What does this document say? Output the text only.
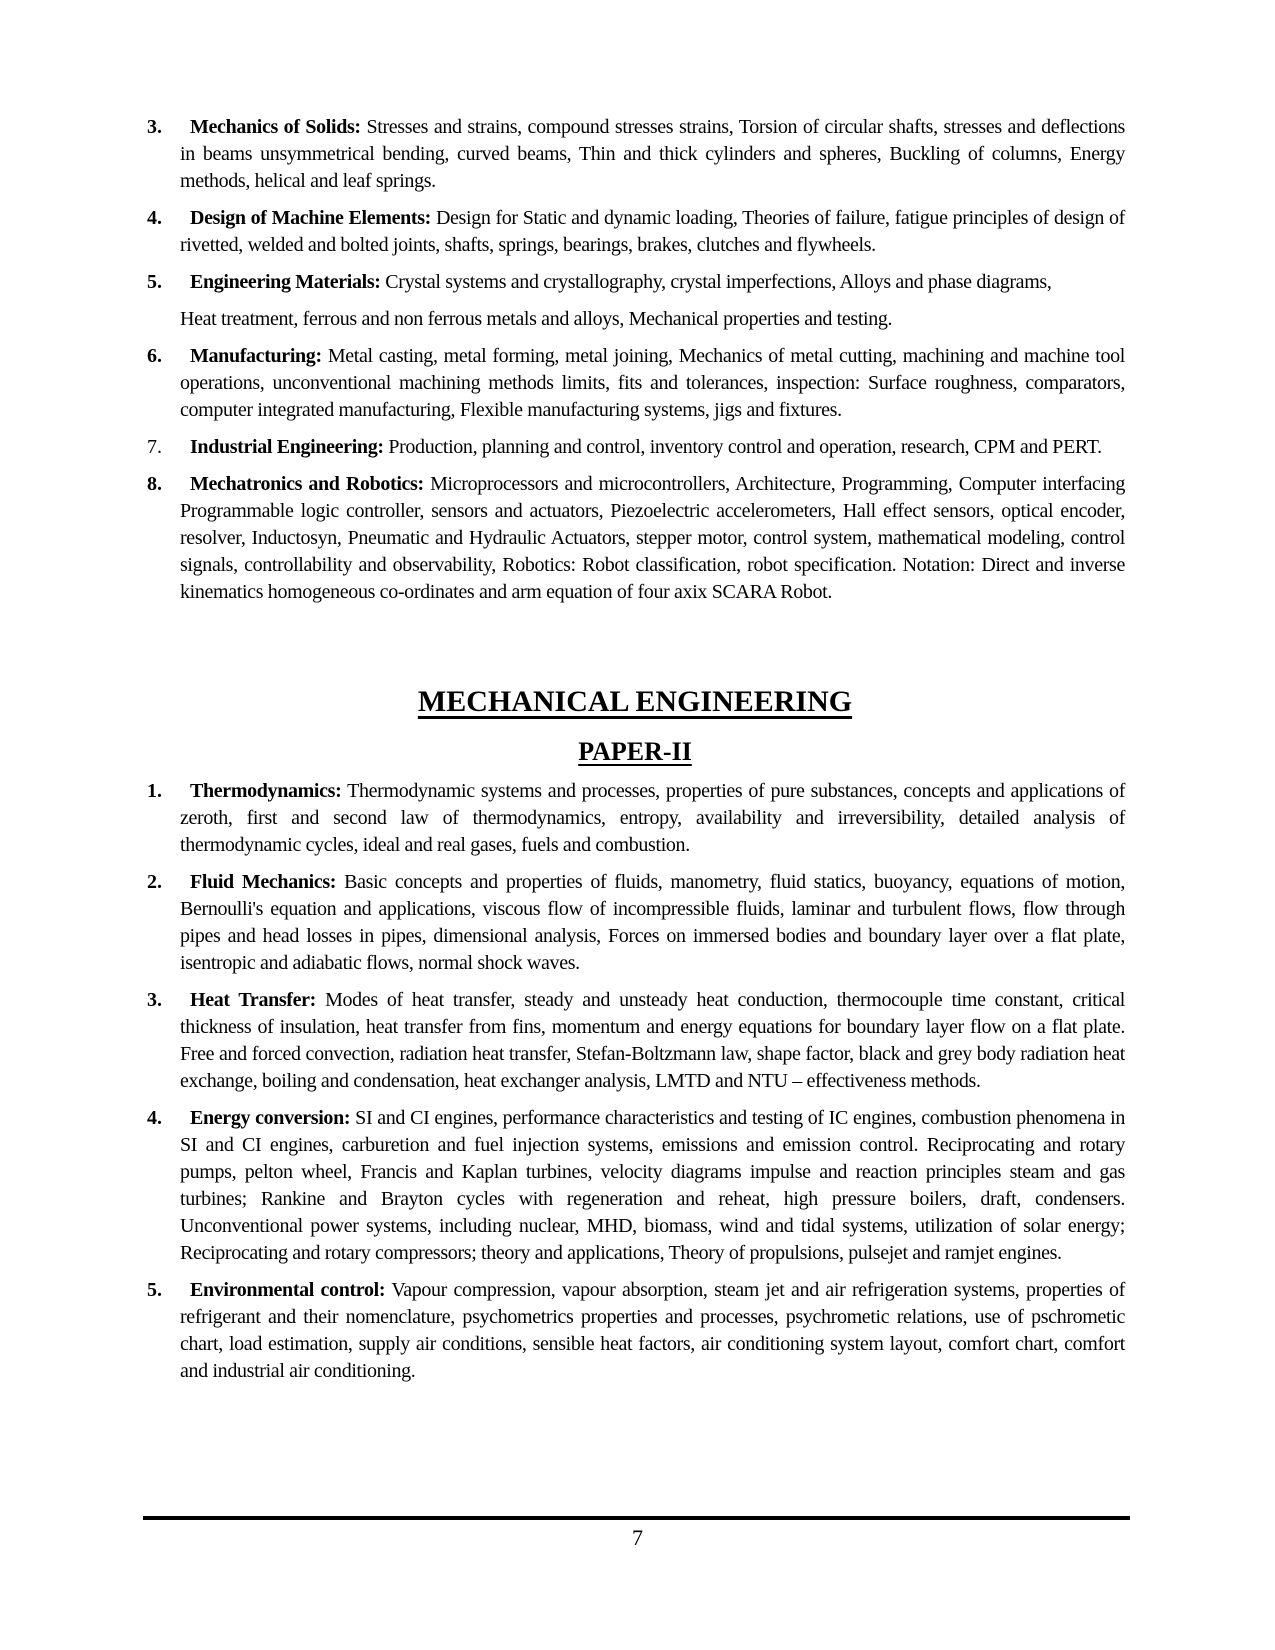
3. Mechanics of Solids: Stresses and strains, compound stresses strains, Torsion of circular shafts, stresses and deflections in beams unsymmetrical bending, curved beams, Thin and thick cylinders and spheres, Buckling of columns, Energy methods, helical and leaf springs.
4. Design of Machine Elements: Design for Static and dynamic loading, Theories of failure, fatigue principles of design of rivetted, welded and bolted joints, shafts, springs, bearings, brakes, clutches and flywheels.
5. Engineering Materials: Crystal systems and crystallography, crystal imperfections, Alloys and phase diagrams,
Heat treatment, ferrous and non ferrous metals and alloys, Mechanical properties and testing.
6. Manufacturing: Metal casting, metal forming, metal joining, Mechanics of metal cutting, machining and machine tool operations, unconventional machining methods limits, fits and tolerances, inspection: Surface roughness, comparators, computer integrated manufacturing, Flexible manufacturing systems, jigs and fixtures.
7. Industrial Engineering: Production, planning and control, inventory control and operation, research, CPM and PERT.
8. Mechatronics and Robotics: Microprocessors and microcontrollers, Architecture, Programming, Computer interfacing Programmable logic controller, sensors and actuators, Piezoelectric accelerometers, Hall effect sensors, optical encoder, resolver, Inductosyn, Pneumatic and Hydraulic Actuators, stepper motor, control system, mathematical modeling, control signals, controllability and observability, Robotics: Robot classification, robot specification. Notation: Direct and inverse kinematics homogeneous co-ordinates and arm equation of four axix SCARA Robot.
MECHANICAL ENGINEERING
PAPER-II
1. Thermodynamics: Thermodynamic systems and processes, properties of pure substances, concepts and applications of zeroth, first and second law of thermodynamics, entropy, availability and irreversibility, detailed analysis of thermodynamic cycles, ideal and real gases, fuels and combustion.
2. Fluid Mechanics: Basic concepts and properties of fluids, manometry, fluid statics, buoyancy, equations of motion, Bernoulli's equation and applications, viscous flow of incompressible fluids, laminar and turbulent flows, flow through pipes and head losses in pipes, dimensional analysis, Forces on immersed bodies and boundary layer over a flat plate, isentropic and adiabatic flows, normal shock waves.
3. Heat Transfer: Modes of heat transfer, steady and unsteady heat conduction, thermocouple time constant, critical thickness of insulation, heat transfer from fins, momentum and energy equations for boundary layer flow on a flat plate. Free and forced convection, radiation heat transfer, Stefan-Boltzmann law, shape factor, black and grey body radiation heat exchange, boiling and condensation, heat exchanger analysis, LMTD and NTU – effectiveness methods.
4. Energy conversion: SI and CI engines, performance characteristics and testing of IC engines, combustion phenomena in SI and CI engines, carburetion and fuel injection systems, emissions and emission control. Reciprocating and rotary pumps, pelton wheel, Francis and Kaplan turbines, velocity diagrams impulse and reaction principles steam and gas turbines; Rankine and Brayton cycles with regeneration and reheat, high pressure boilers, draft, condensers. Unconventional power systems, including nuclear, MHD, biomass, wind and tidal systems, utilization of solar energy; Reciprocating and rotary compressors; theory and applications, Theory of propulsions, pulsejet and ramjet engines.
5. Environmental control: Vapour compression, vapour absorption, steam jet and air refrigeration systems, properties of refrigerant and their nomenclature, psychometrics properties and processes, psychrometic relations, use of pschrometic chart, load estimation, supply air conditions, sensible heat factors, air conditioning system layout, comfort chart, comfort and industrial air conditioning.
7
